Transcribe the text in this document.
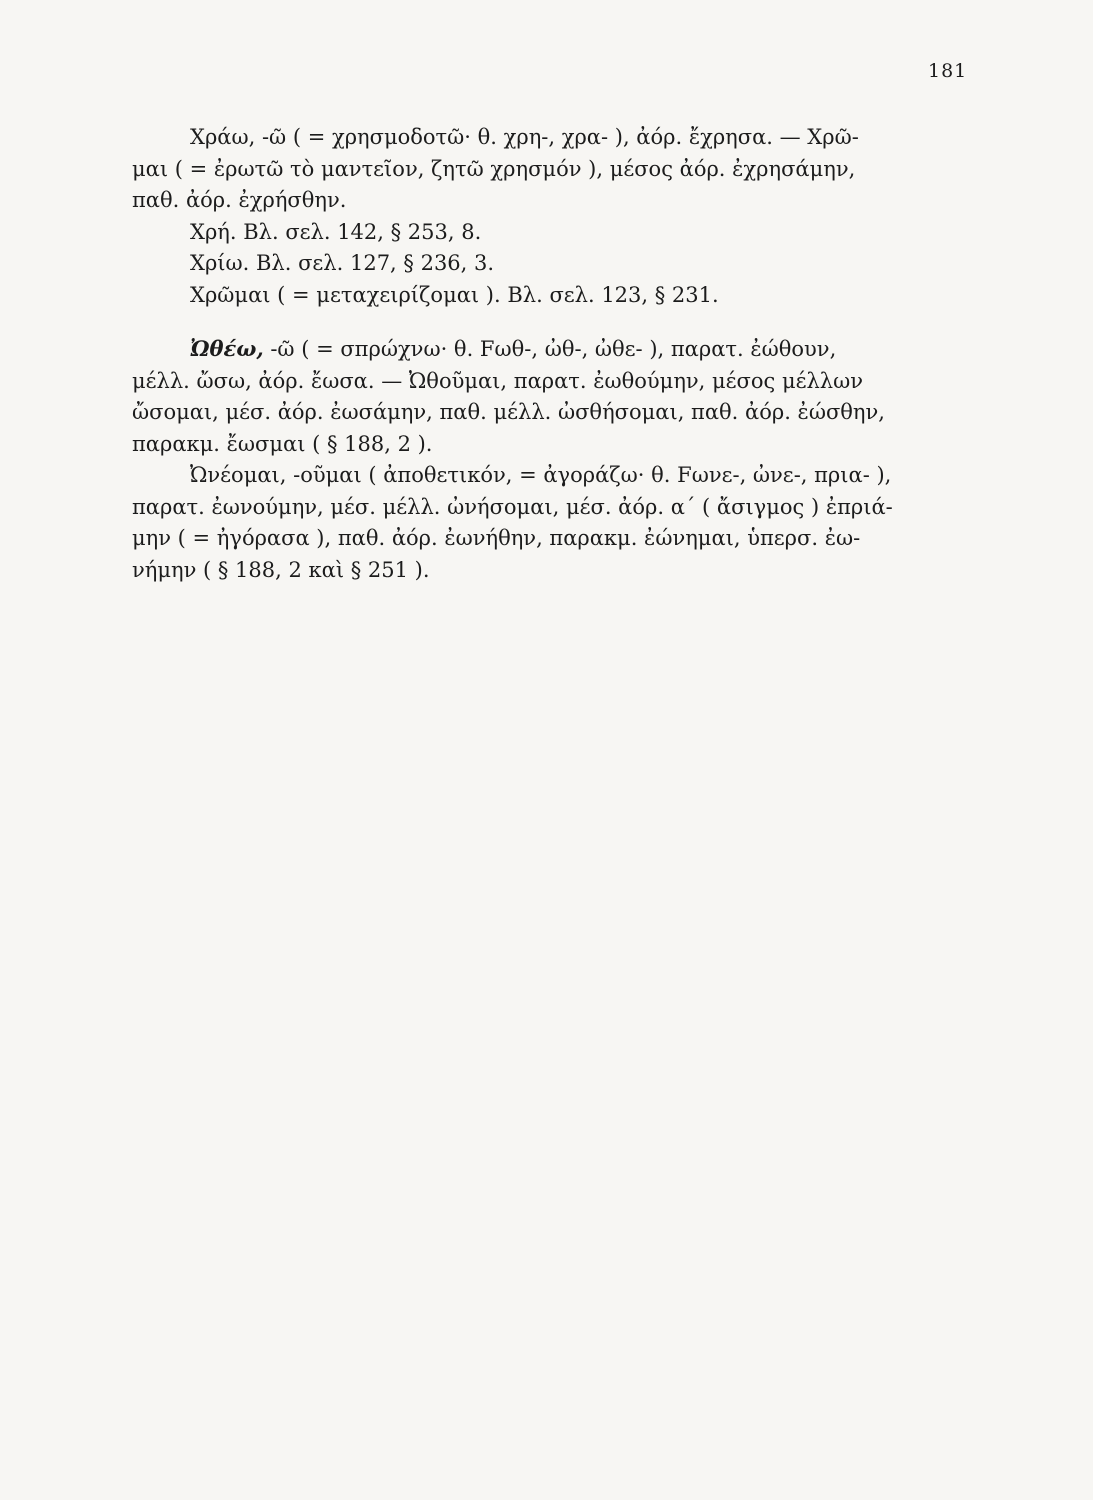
181
Χράω, -ῶ ( = χρησμοδοτῶ· θ. χρη-, χρα- ), ἀόρ. ἔχρησα. — Χρῶ-
μαι ( = ἐρωτῶ τὸ μαντεῖον, ζητῶ χρησμόν ), μέσος ἀόρ. ἐχρησάμην,
παθ. ἀόρ. ἐχρήσθην.
Χρή. Βλ. σελ. 142, § 253, 8.
Χρίω. Βλ. σελ. 127, § 236, 3.
Χρῶμαι ( = μεταχειρίζομαι ). Βλ. σελ. 123, § 231.
Ὠθέω, -ῶ ( = σπρώχνω· θ. Fωθ-, ὠθ-, ὠθε- ), παρατ. ἐώθουν,
μέλλ. ὤσω, ἀόρ. ἔωσα. — Ὠθοῦμαι, παρατ. ἐωθούμην, μέσος μέλλων
ὤσομαι, μέσ. ἀόρ. ἐωσάμην, παθ. μέλλ. ὠσθήσομαι, παθ. ἀόρ. ἐώσθην,
παρακμ. ἔωσμαι ( § 188, 2 ).
Ὠνέομαι, -οῦμαι ( ἀποθετικόν, = ἀγοράζω· θ. Fωνε-, ὠνε-, πρια- ),
παρατ. ἐωνούμην, μέσ. μέλλ. ὠνήσομαι, μέσ. ἀόρ. α΄ ( ἄσιγμος ) ἐπριά-
μην ( = ἠγόρασα ), παθ. ἀόρ. ἐωνήθην, παρακμ. ἐώνημαι, ὑπερσ. ἐω-
νήμην ( § 188, 2 καὶ § 251 ).
